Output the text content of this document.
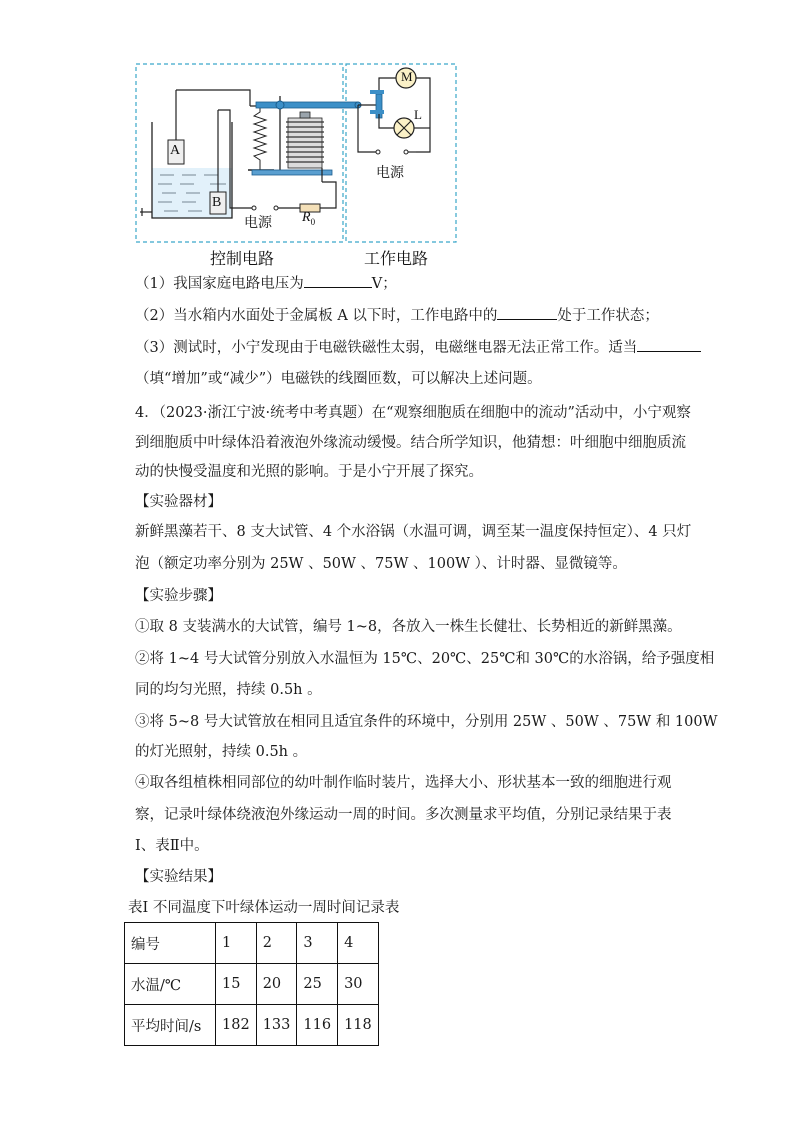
A
B
M
L
电源
电源
$R_0$
控制电路	工作电路
（1）我国家庭电路电压为	V；
（2）当水箱内水面处于金属板 A 以下时，工作电路中的	处于工作状态；
（3）测试时，小宁发现由于电磁铁磁性太弱，电磁继电器无法正常工作。适当
（填“增加”或“减少”）电磁铁的线圈匝数，可以解决上述问题。
4．（2023·浙江宁波·统考中考真题）在“观察细胞质在细胞中的流动”活动中，小宁观察
到细胞质中叶绿体沿着液泡外缘流动缓慢。结合所学知识，他猜想：叶细胞中细胞质流
动的快慢受温度和光照的影响。于是小宁开展了探究。
【实验器材】
新鲜黑藻若干、8 支大试管、4 个水浴锅（水温可调，调至某一温度保持恒定）、4 只灯
泡（额定功率分别为 25W 、50W 、75W 、100W ）、计时器、显微镜等。
【实验步骤】
①取 8 支装满水的大试管，编号 1~8，各放入一株生长健壮、长势相近的新鲜黑藻。
②将 1~4 号大试管分别放入水温恒为 15℃、20℃、25℃和 30℃的水浴锅，给予强度相
同的均匀光照，持续 0.5h 。
③将 5~8 号大试管放在相同且适宜条件的环境中，分别用 25W 、50W 、75W 和 100W
的灯光照射，持续 0.5h 。
④取各组植株相同部位的幼叶制作临时装片，选择大小、形状基本一致的细胞进行观
察，记录叶绿体绕液泡外缘运动一周的时间。多次测量求平均值，分别记录结果于表
Ⅰ、表Ⅱ中。
【实验结果】
表Ⅰ 不同温度下叶绿体运动一周时间记录表
编号	1	2	3	4
水温/℃	15	20	25	30
平均时间/s	182	133	116	118
